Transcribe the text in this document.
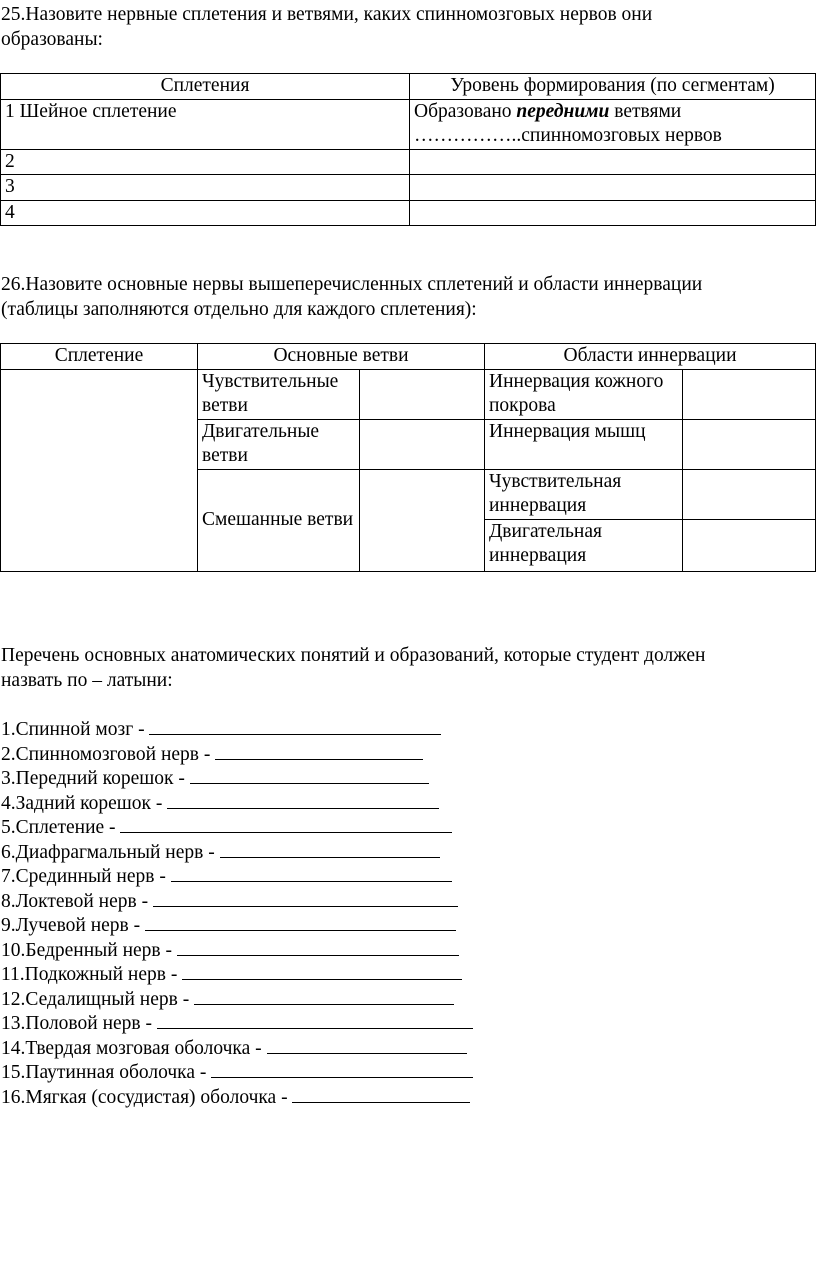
25.Назовите нервные сплетения и ветвями, каких спинномозговых нервов они

образованы:

Сплетения	Уровень формирования (по сегментам)
1 Шейное сплетение	Образовано передними ветвями
……………..спинномозговых нервов
2	
3	
4	

26.Назовите основные нервы вышеперечисленных сплетений и области иннервации

(таблицы заполняются отдельно для каждого сплетения):

Сплетение	Основные ветви		Области иннервации	
	Чувствительные ветви		Иннервация кожного покрова	
	Двигательные ветви		Иннервация мышц	
	Смешанные ветви		Чувствительная иннервация	
			Двигательная иннервация	

Перечень основных анатомических понятий и образований, которые студент должен

назвать по – латыни:

1.Спинной мозг -
2.Спинномозговой нерв -
3.Передний корешок -
4.Задний корешок -
5.Сплетение -
6.Диафрагмальный нерв -
7.Срединный нерв -
8.Локтевой нерв -
9.Лучевой нерв -
10.Бедренный нерв -
11.Подкожный нерв -
12.Седалищный нерв -
13.Половой нерв -
14.Твердая мозговая оболочка -
15.Паутинная оболочка -
16.Мягкая (сосудистая) оболочка -
